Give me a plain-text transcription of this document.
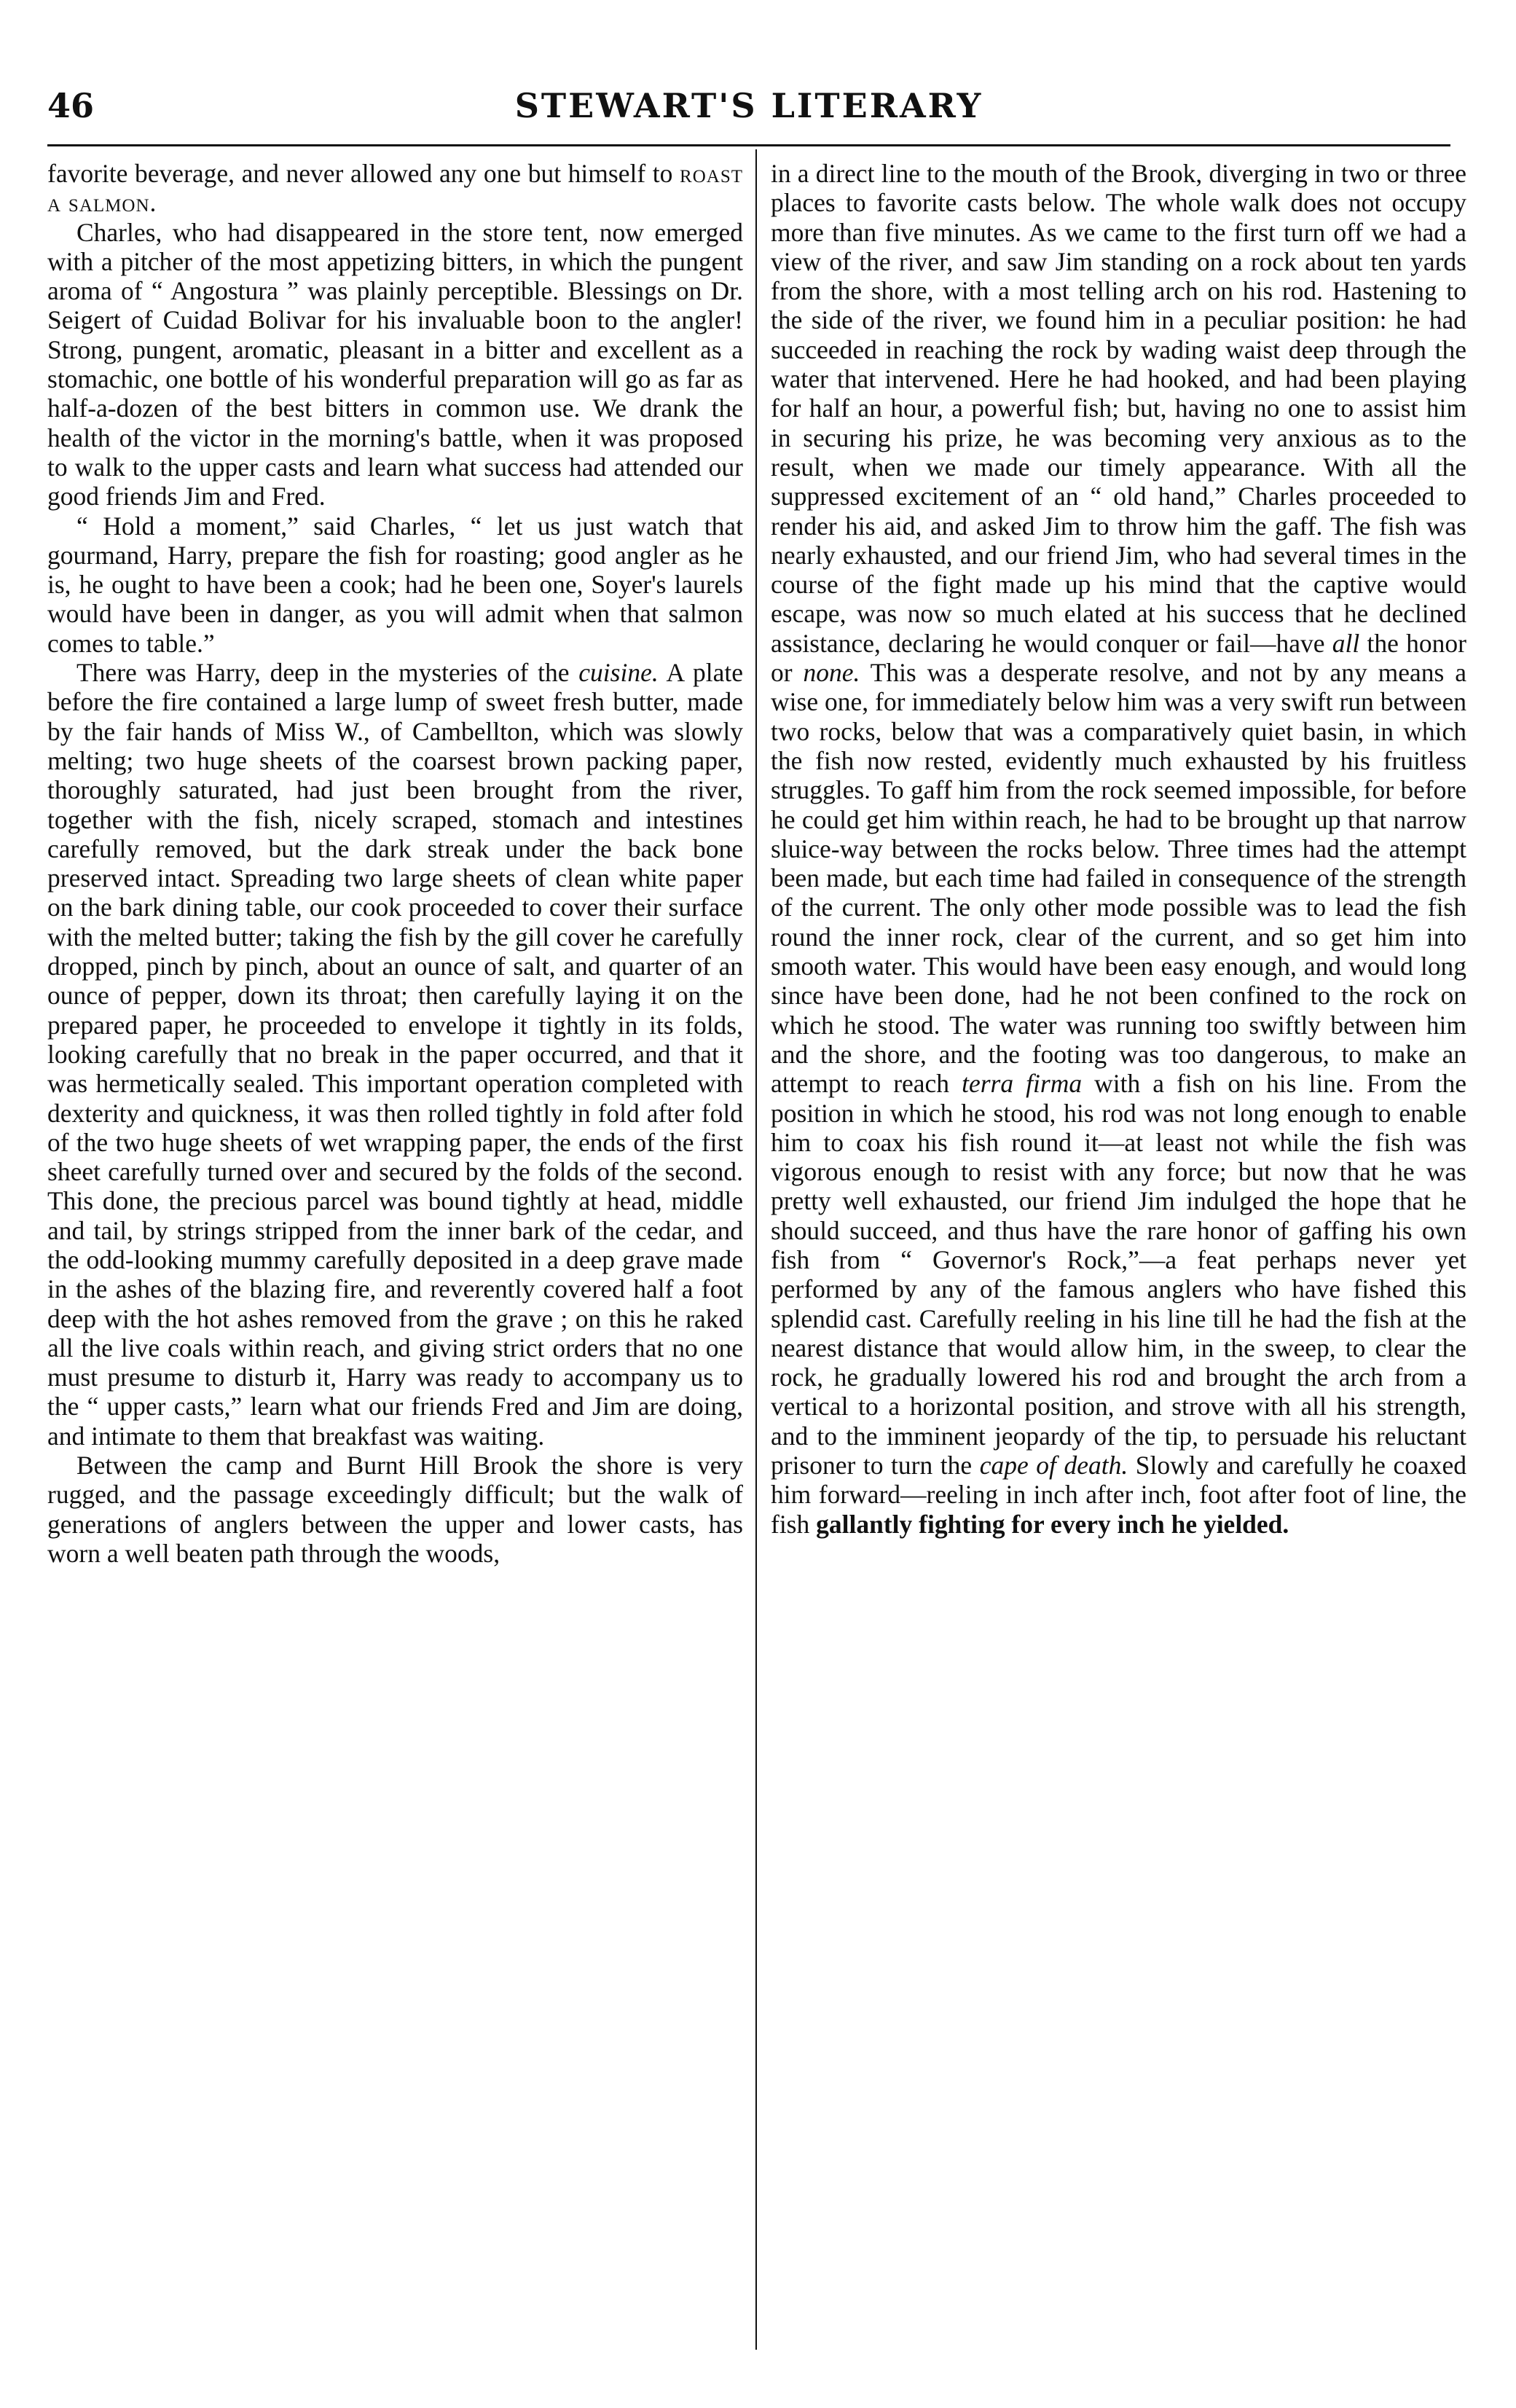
46	STEWART'S LITERARY

favorite beverage, and never allowed any one but himself to roast a salmon.

Charles, who had disappeared in the store tent, now emerged with a pitcher of the most appetizing bitters, in which the pungent aroma of “ Angostura ” was plainly perceptible. Blessings on Dr. Seigert of Cuidad Bolivar for his invaluable boon to the angler! Strong, pungent, aromatic, pleasant in a bitter and excellent as a stomachic, one bottle of his wonderful preparation will go as far as half-a-dozen of the best bitters in common use. We drank the health of the victor in the morning's battle, when it was proposed to walk to the upper casts and learn what success had attended our good friends Jim and Fred.

“ Hold a moment,” said Charles, “ let us just watch that gourmand, Harry, prepare the fish for roasting; good angler as he is, he ought to have been a cook; had he been one, Soyer's laurels would have been in danger, as you will admit when that salmon comes to table.”

There was Harry, deep in the mysteries of the cuisine. A plate before the fire contained a large lump of sweet fresh butter, made by the fair hands of Miss W., of Cambellton, which was slowly melting; two huge sheets of the coarsest brown packing paper, thoroughly saturated, had just been brought from the river, together with the fish, nicely scraped, stomach and intestines carefully removed, but the dark streak under the back bone preserved intact. Spreading two large sheets of clean white paper on the bark dining table, our cook proceeded to cover their surface with the melted butter; taking the fish by the gill cover he carefully dropped, pinch by pinch, about an ounce of salt, and quarter of an ounce of pepper, down its throat; then carefully laying it on the prepared paper, he proceeded to envelope it tightly in its folds, looking carefully that no break in the paper occurred, and that it was hermetically sealed. This important operation completed with dexterity and quickness, it was then rolled tightly in fold after fold of the two huge sheets of wet wrapping paper, the ends of the first sheet carefully turned over and secured by the folds of the second. This done, the precious parcel was bound tightly at head, middle and tail, by strings stripped from the inner bark of the cedar, and the odd-looking mummy carefully deposited in a deep grave made in the ashes of the blazing fire, and reverently covered half a foot deep with the hot ashes removed from the grave ; on this he raked all the live coals within reach, and giving strict orders that no one must presume to disturb it, Harry was ready to accompany us to the “ upper casts,” learn what our friends Fred and Jim are doing, and intimate to them that breakfast was waiting.

Between the camp and Burnt Hill Brook the shore is very rugged, and the passage exceedingly difficult; but the walk of generations of anglers between the upper and lower casts, has worn a well beaten path through the woods,

in a direct line to the mouth of the Brook, diverging in two or three places to favorite casts below. The whole walk does not occupy more than five minutes. As we came to the first turn off we had a view of the river, and saw Jim standing on a rock about ten yards from the shore, with a most telling arch on his rod. Hastening to the side of the river, we found him in a peculiar position: he had succeeded in reaching the rock by wading waist deep through the water that intervened. Here he had hooked, and had been playing for half an hour, a powerful fish; but, having no one to assist him in securing his prize, he was becoming very anxious as to the result, when we made our timely appearance. With all the suppressed excitement of an “ old hand,” Charles proceeded to render his aid, and asked Jim to throw him the gaff. The fish was nearly exhausted, and our friend Jim, who had several times in the course of the fight made up his mind that the captive would escape, was now so much elated at his success that he declined assistance, declaring he would conquer or fail—have all the honor or none. This was a desperate resolve, and not by any means a wise one, for immediately below him was a very swift run between two rocks, below that was a comparatively quiet basin, in which the fish now rested, evidently much exhausted by his fruitless struggles. To gaff him from the rock seemed impossible, for before he could get him within reach, he had to be brought up that narrow sluice-way between the rocks below. Three times had the attempt been made, but each time had failed in consequence of the strength of the current. The only other mode possible was to lead the fish round the inner rock, clear of the current, and so get him into smooth water. This would have been easy enough, and would long since have been done, had he not been confined to the rock on which he stood. The water was running too swiftly between him and the shore, and the footing was too dangerous, to make an attempt to reach terra firma with a fish on his line. From the position in which he stood, his rod was not long enough to enable him to coax his fish round it—at least not while the fish was vigorous enough to resist with any force; but now that he was pretty well exhausted, our friend Jim indulged the hope that he should succeed, and thus have the rare honor of gaffing his own fish from “ Governor's Rock,”—a feat perhaps never yet performed by any of the famous anglers who have fished this splendid cast. Carefully reeling in his line till he had the fish at the nearest distance that would allow him, in the sweep, to clear the rock, he gradually lowered his rod and brought the arch from a vertical to a horizontal position, and strove with all his strength, and to the imminent jeopardy of the tip, to persuade his reluctant prisoner to turn the cape of death. Slowly and carefully he coaxed him forward—reeling in inch after inch, foot after foot of line, the fish gallantly fighting for every inch he yielded.
